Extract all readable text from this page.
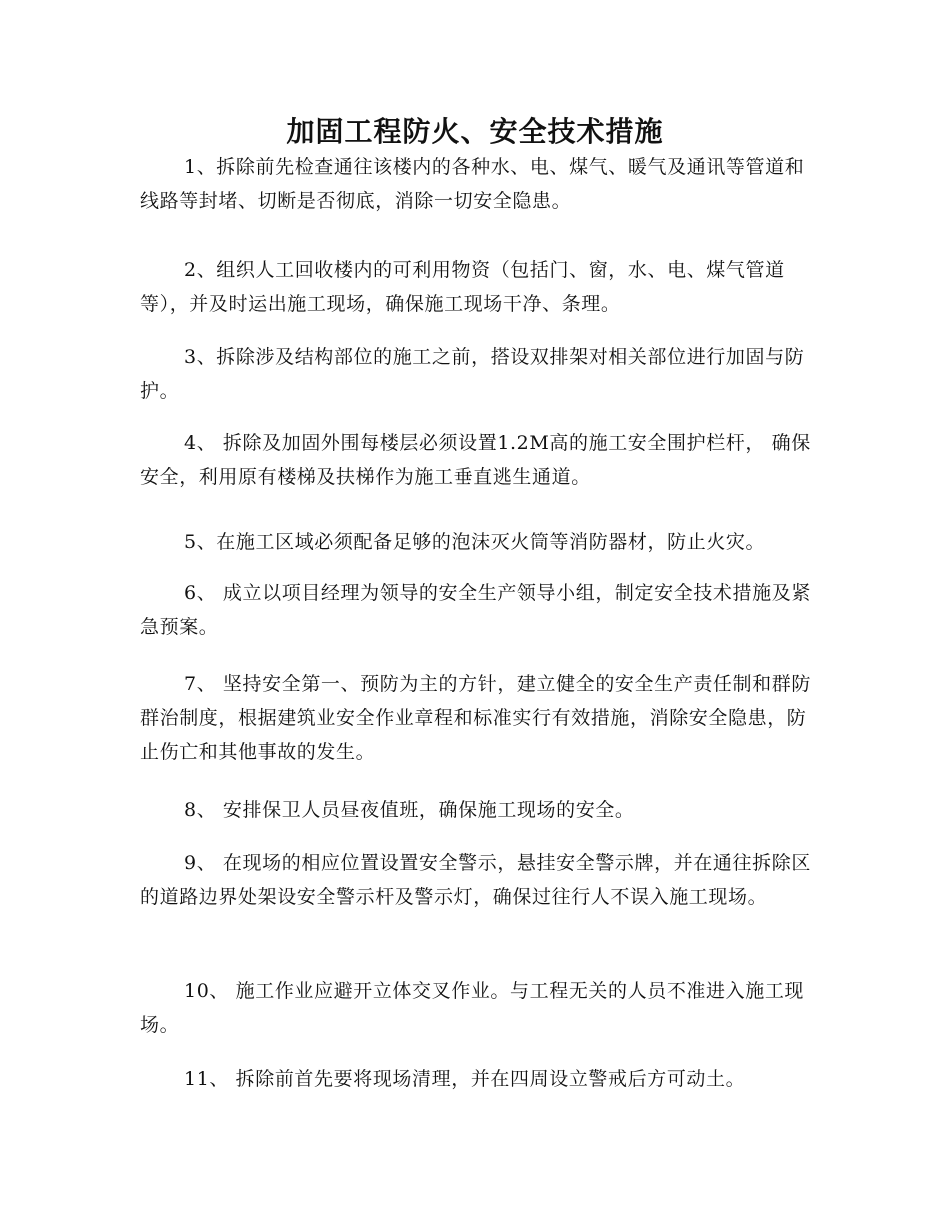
加固工程防火、安全技术措施

1、拆除前先检查通往该楼内的各种水、电、煤气、暖气及通讯等管道和线路等封堵、切断是否彻底，消除一切安全隐患。

2、组织人工回收楼内的可利用物资（包括门、窗，水、电、煤气管道等），并及时运出施工现场，确保施工现场干净、条理。

3、拆除涉及结构部位的施工之前，搭设双排架对相关部位进行加固与防护。

4、 拆除及加固外围每楼层必须设置1.2M高的施工安全围护栏杆， 确保安全，利用原有楼梯及扶梯作为施工垂直逃生通道。

5、在施工区域必须配备足够的泡沫灭火筒等消防器材，防止火灾。

6、 成立以项目经理为领导的安全生产领导小组，制定安全技术措施及紧急预案。

7、 坚持安全第一、预防为主的方针，建立健全的安全生产责任制和群防群治制度，根据建筑业安全作业章程和标准实行有效措施，消除安全隐患，防止伤亡和其他事故的发生。

8、 安排保卫人员昼夜值班，确保施工现场的安全。

9、 在现场的相应位置设置安全警示，悬挂安全警示牌，并在通往拆除区的道路边界处架设安全警示杆及警示灯，确保过往行人不误入施工现场。

10、 施工作业应避开立体交叉作业。与工程无关的人员不准进入施工现场。

11、 拆除前首先要将现场清理，并在四周设立警戒后方可动土。
